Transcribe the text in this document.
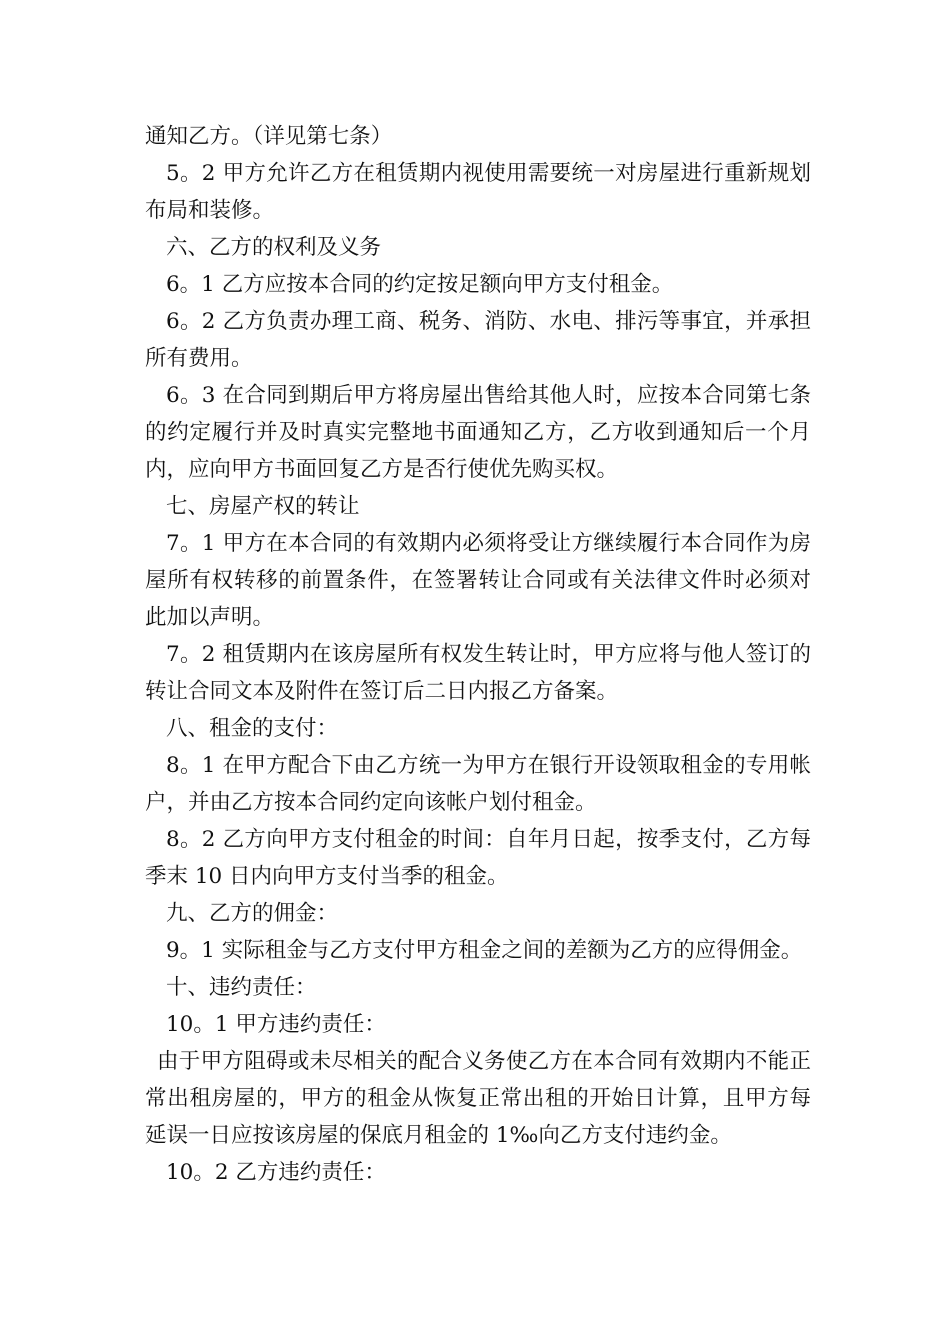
通知乙方。（详见第七条）

5。2 甲方允许乙方在租赁期内视使用需要统一对房屋进行重新规划布局和装修。

六、乙方的权利及义务

6。1 乙方应按本合同的约定按足额向甲方支付租金。

6。2 乙方负责办理工商、税务、消防、水电、排污等事宜，并承担所有费用。

6。3 在合同到期后甲方将房屋出售给其他人时，应按本合同第七条的约定履行并及时真实完整地书面通知乙方，乙方收到通知后一个月内，应向甲方书面回复乙方是否行使优先购买权。

七、房屋产权的转让

7。1 甲方在本合同的有效期内必须将受让方继续履行本合同作为房屋所有权转移的前置条件，在签署转让合同或有关法律文件时必须对此加以声明。

7。2 租赁期内在该房屋所有权发生转让时，甲方应将与他人签订的转让合同文本及附件在签订后二日内报乙方备案。

八、租金的支付：

8。1 在甲方配合下由乙方统一为甲方在银行开设领取租金的专用帐户，并由乙方按本合同约定向该帐户划付租金。

8。2 乙方向甲方支付租金的时间：自年月日起，按季支付，乙方每季末 10 日内向甲方支付当季的租金。

九、乙方的佣金：

9。1 实际租金与乙方支付甲方租金之间的差额为乙方的应得佣金。

十、违约责任：

10。1 甲方违约责任：

由于甲方阻碍或未尽相关的配合义务使乙方在本合同有效期内不能正常出租房屋的，甲方的租金从恢复正常出租的开始日计算，且甲方每延误一日应按该房屋的保底月租金的 1‰向乙方支付违约金。

10。2 乙方违约责任：
